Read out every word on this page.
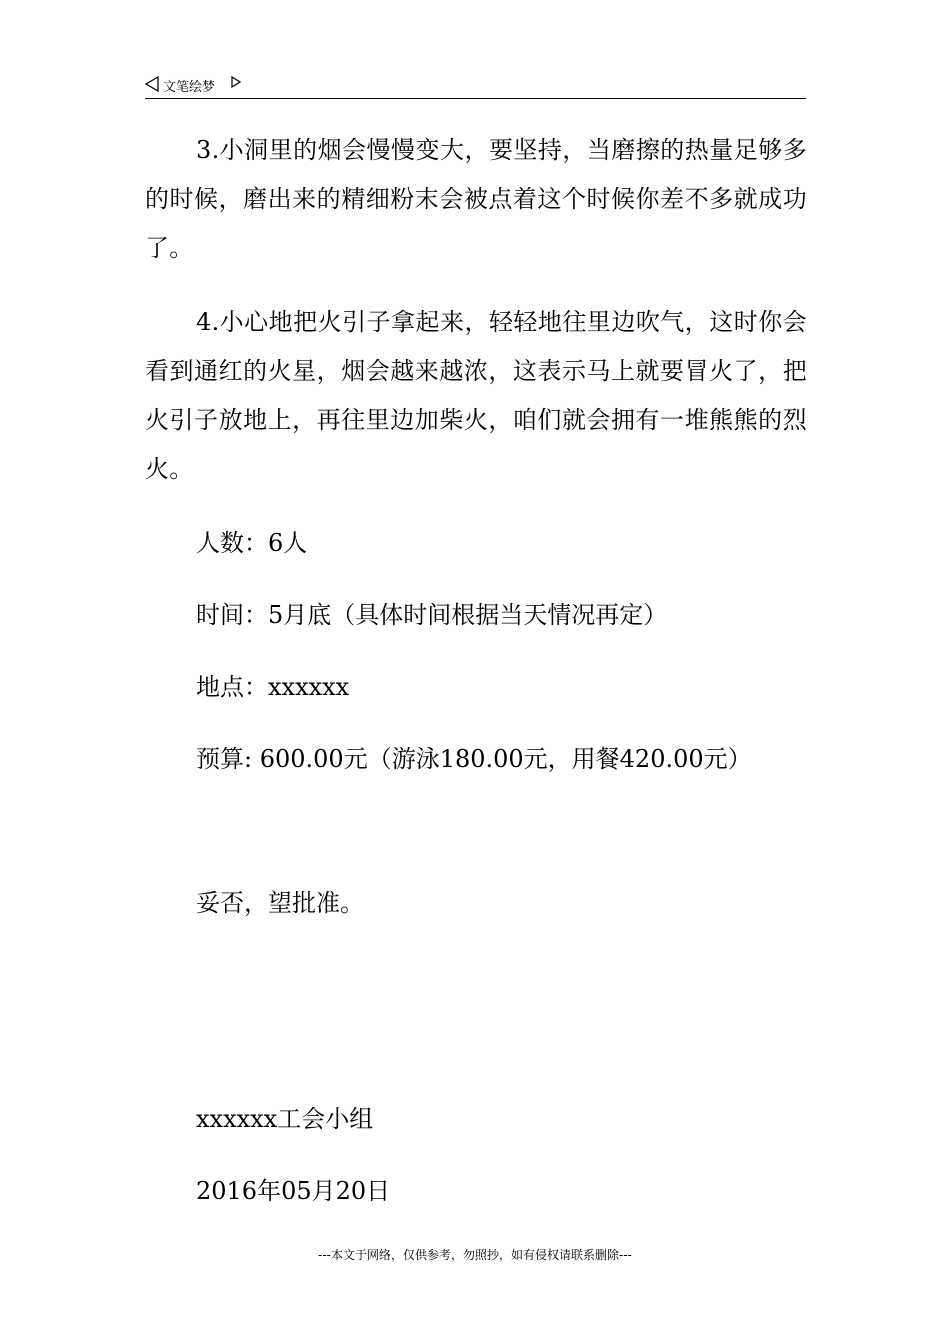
文笔绘梦

3.小洞里的烟会慢慢变大，要坚持，当磨擦的热量足够多的时候，磨出来的精细粉末会被点着这个时候你差不多就成功了。

4.小心地把火引子拿起来，轻轻地往里边吹气，这时你会看到通红的火星，烟会越来越浓，这表示马上就要冒火了，把火引子放地上，再往里边加柴火，咱们就会拥有一堆熊熊的烈火。

人数：6人

时间：5月底（具体时间根据当天情况再定）

地点：xxxxxx

预算: 600.00元（游泳180.00元，用餐420.00元）

妥否，望批准。

xxxxxx工会小组

2016年05月20日

---本文于网络，仅供参考，勿照抄，如有侵权请联系删除---
